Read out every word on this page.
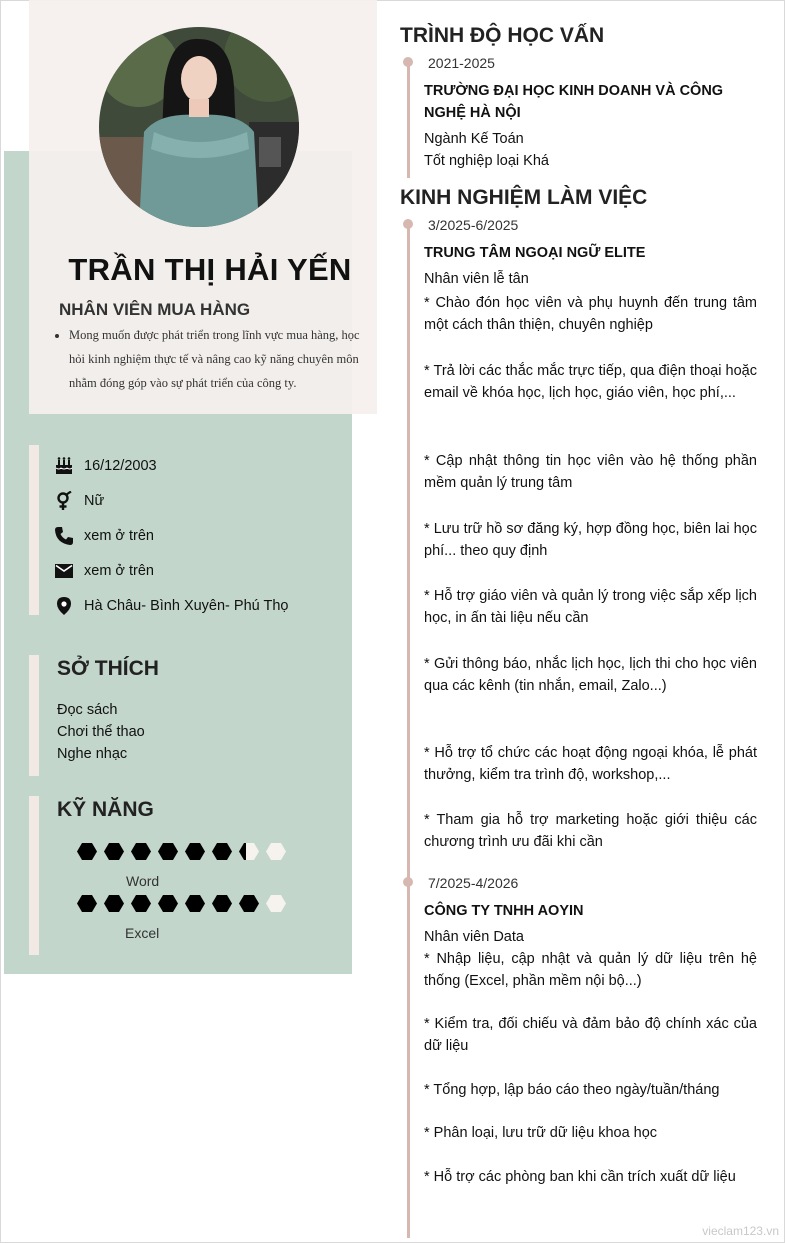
TRẦN THỊ HẢI YẾN
NHÂN VIÊN MUA HÀNG
• Mong muốn được phát triển trong lĩnh vực mua hàng, học hỏi kinh nghiệm thực tế và nâng cao kỹ năng chuyên môn nhằm đóng góp vào sự phát triển của công ty.
16/12/2003
Nữ
xem ở trên
xem ở trên
Hà Châu- Bình Xuyên- Phú Thọ
SỞ THÍCH
Đọc sách
Chơi thể thao
Nghe nhạc
KỸ NĂNG
Word
Excel
TRÌNH ĐỘ HỌC VẤN
2021-2025
TRƯỜNG ĐẠI HỌC KINH DOANH VÀ CÔNG NGHỆ HÀ NỘI
Ngành Kế Toán
Tốt nghiệp loại Khá
KINH NGHIỆM LÀM VIỆC
3/2025-6/2025
TRUNG TÂM NGOẠI NGỮ ELITE
Nhân viên lễ tân

* Chào đón học viên và phụ huynh đến trung tâm một cách thân thiện, chuyên nghiệp

* Trả lời các thắc mắc trực tiếp, qua điện thoại hoặc email về khóa học, lịch học, giáo viên, học phí,...

* Cập nhật thông tin học viên vào hệ thống phần mềm quản lý trung tâm

* Lưu trữ hồ sơ đăng ký, hợp đồng học, biên lai học phí... theo quy định

* Hỗ trợ giáo viên và quản lý trong việc sắp xếp lịch học, in ấn tài liệu nếu cần

* Gửi thông báo, nhắc lịch học, lịch thi cho học viên qua các kênh (tin nhắn, email, Zalo...)

* Hỗ trợ tổ chức các hoạt động ngoại khóa, lễ phát thưởng, kiểm tra trình độ, workshop,...

* Tham gia hỗ trợ marketing hoặc giới thiệu các chương trình ưu đãi khi cần

7/2025-4/2026
CÔNG TY TNHH AOYIN
Nhân viên Data

* Nhập liệu, cập nhật và quản lý dữ liệu trên hệ thống (Excel, phần mềm nội bộ...)

* Kiểm tra, đối chiếu và đảm bảo độ chính xác của dữ liệu

* Tổng hợp, lập báo cáo theo ngày/tuần/tháng

* Phân loại, lưu trữ dữ liệu khoa học

* Hỗ trợ các phòng ban khi cần trích xuất dữ liệu

vieclam123.vn
